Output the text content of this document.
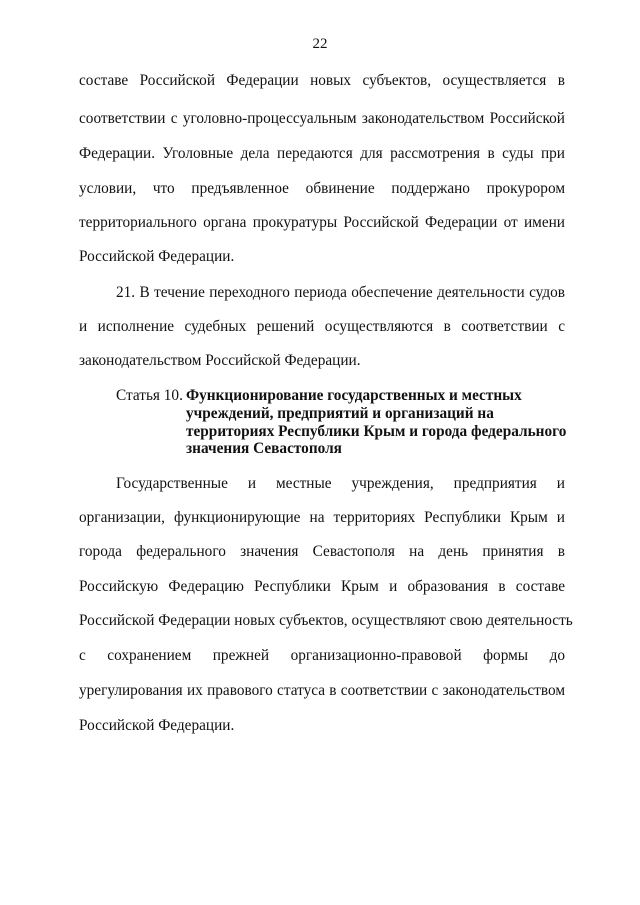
22
составе Российской Федерации новых субъектов, осуществляется в
соответствии с уголовно-процессуальным законодательством Российской
Федерации. Уголовные дела передаются для рассмотрения в суды при
условии, что предъявленное обвинение поддержано прокурором
территориального органа прокуратуры Российской Федерации от имени
Российской Федерации.
21. В течение переходного периода обеспечение деятельности судов
и исполнение судебных решений осуществляются в соответствии с
законодательством Российской Федерации.
Статья 10. Функционирование государственных и местных
учреждений, предприятий и организаций на
территориях Республики Крым и города федерального
значения Севастополя
Государственные и местные учреждения, предприятия и
организации, функционирующие на территориях Республики Крым и
города федерального значения Севастополя на день принятия в
Российскую Федерацию Республики Крым и образования в составе
Российской Федерации новых субъектов, осуществляют свою деятельность
с сохранением прежней организационно-правовой формы до
урегулирования их правового статуса в соответствии с законодательством
Российской Федерации.
